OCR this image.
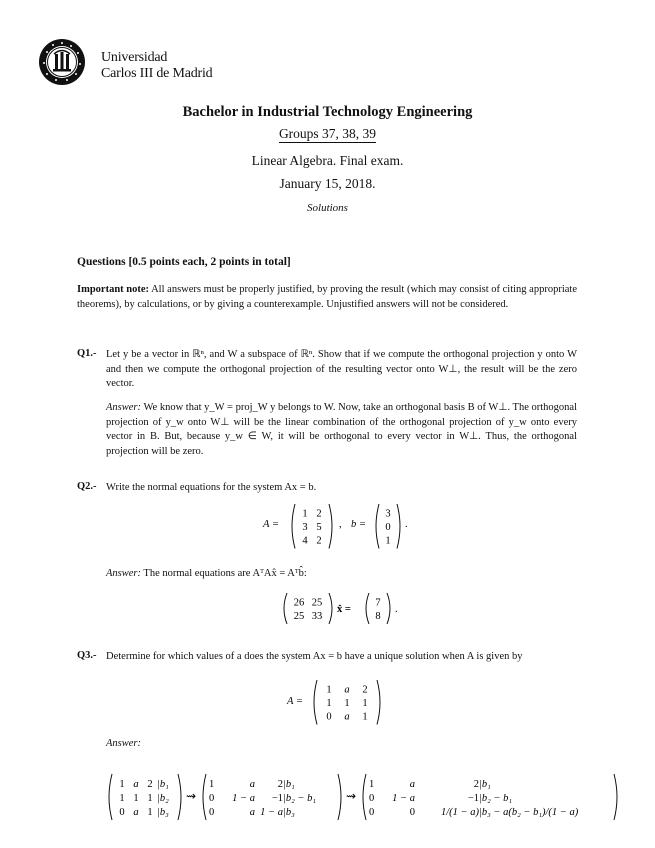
Universidad
Carlos III de Madrid
Bachelor in Industrial Technology Engineering
Groups 37, 38, 39
Linear Algebra. Final exam.
January 15, 2018.
Solutions
Questions [0.5 points each, 2 points in total]
Important note: All answers must be properly justified, by proving the result (which may consist of citing appropriate theorems), by calculations, or by giving a counterexample. Unjustified answers will not be considered.
Q1.- Let y be a vector in ℝⁿ, and W a subspace of ℝⁿ. Show that if we compute the orthogonal projection y onto W and then we compute the orthogonal projection of the resulting vector onto W⊥, the result will be the zero vector.
Answer: We know that y_W = proj_W y belongs to W. Now, take an orthogonal basis B of W⊥. The orthogonal projection of y_w onto W⊥ will be the linear combination of the orthogonal projection of y_w onto every vector in B. But, because y_w ∈ W, it will be orthogonal to every vector in W⊥. Thus, the orthogonal projection will be zero.
Q2.- Write the normal equations for the system Ax = b.
A =
1
3
4
2
5
2
, b =
3
0
1
.
Answer: The normal equations are AᵀAx̂ = Aᵀb̂:
26
25
25
33
x̂ =
7
8
.
Q3.- Determine for which values of a does the system Ax = b have a unique solution when A is given by
A =
1
1
0
a
1
a
2
1
1
Answer:
1
1
0
a
1
a
2
1
1
|b₁
|b₂
|b₃
⇝
1
0
0
a
1 − a
a
2
−1
1 − a
|b₁
|b₂ − b₁
|b₃
⇝
1
0
0
a
1 − a
0
2
−1
1/(1 − a)
|b₁
|b₂ − b₁
|b₃ − a(b₂ − b₁)/(1 − a)
